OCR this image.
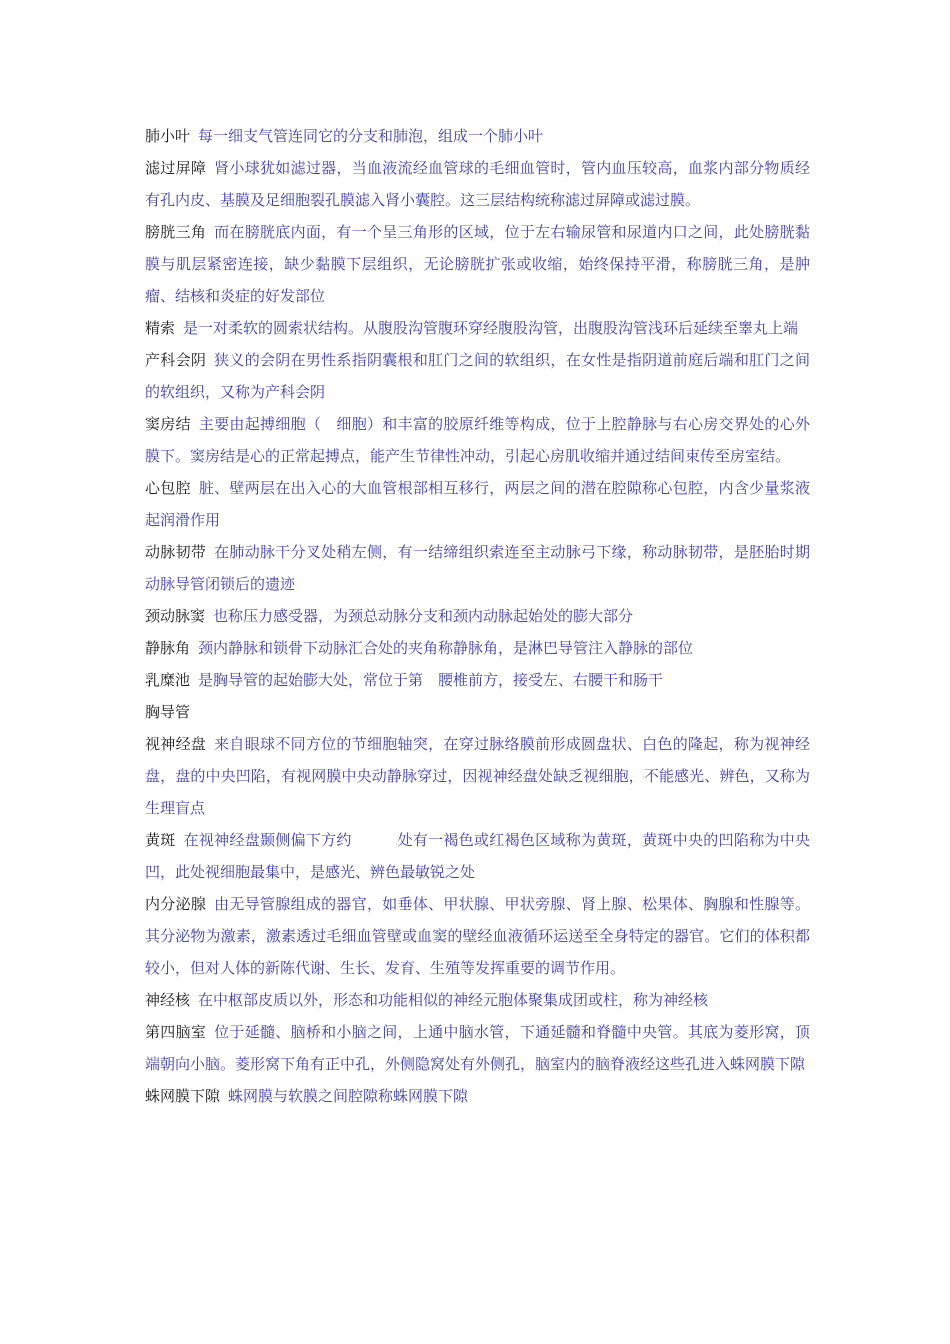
肺小叶 每一细支气管连同它的分支和肺泡，组成一个肺小叶

滤过屏障 肾小球犹如滤过器，当血液流经血管球的毛细血管时，管内血压较高，血浆内部分物质经有孔内皮、基膜及足细胞裂孔膜滤入肾小囊腔。这三层结构统称滤过屏障或滤过膜。

膀胱三角 而在膀胱底内面，有一个呈三角形的区域，位于左右输尿管和尿道内口之间，此处膀胱黏膜与肌层紧密连接，缺少黏膜下层组织，无论膀胱扩张或收缩，始终保持平滑，称膀胱三角，是肿瘤、结核和炎症的好发部位

精索 是一对柔软的圆索状结构。从腹股沟管腹环穿经腹股沟管，出腹股沟管浅环后延续至睾丸上端

产科会阴 狭义的会阴在男性系指阴囊根和肛门之间的软组织，在女性是指阴道前庭后端和肛门之间的软组织，又称为产科会阴

窦房结 主要由起搏细胞（　细胞）和丰富的胶原纤维等构成，位于上腔静脉与右心房交界处的心外膜下。窦房结是心的正常起搏点，能产生节律性冲动，引起心房肌收缩并通过结间束传至房室结。

心包腔 脏、壁两层在出入心的大血管根部相互移行，两层之间的潜在腔隙称心包腔，内含少量浆液起润滑作用

动脉韧带 在肺动脉干分叉处稍左侧，有一结缔组织索连至主动脉弓下缘，称动脉韧带，是胚胎时期动脉导管闭锁后的遗迹

颈动脉窦 也称压力感受器，为颈总动脉分支和颈内动脉起始处的膨大部分

静脉角 颈内静脉和锁骨下动脉汇合处的夹角称静脉角，是淋巴导管注入静脉的部位

乳糜池 是胸导管的起始膨大处，常位于第　腰椎前方，接受左、右腰干和肠干

胸导管

视神经盘 来自眼球不同方位的节细胞轴突，在穿过脉络膜前形成圆盘状、白色的隆起，称为视神经盘，盘的中央凹陷，有视网膜中央动静脉穿过，因视神经盘处缺乏视细胞，不能感光、辨色，又称为生理盲点

黄斑 在视神经盘颞侧偏下方约　　　处有一褐色或红褐色区域称为黄斑，黄斑中央的凹陷称为中央凹，此处视细胞最集中，是感光、辨色最敏锐之处

内分泌腺 由无导管腺组成的器官，如垂体、甲状腺、甲状旁腺、肾上腺、松果体、胸腺和性腺等。其分泌物为激素，激素透过毛细血管壁或血窦的壁经血液循环运送至全身特定的器官。它们的体积都较小，但对人体的新陈代谢、生长、发育、生殖等发挥重要的调节作用。

神经核 在中枢部皮质以外，形态和功能相似的神经元胞体聚集成团或柱，称为神经核

第四脑室 位于延髓、脑桥和小脑之间，上通中脑水管，下通延髓和脊髓中央管。其底为菱形窝，顶端朝向小脑。菱形窝下角有正中孔，外侧隐窝处有外侧孔，脑室内的脑脊液经这些孔进入蛛网膜下隙

蛛网膜下隙 蛛网膜与软膜之间腔隙称蛛网膜下隙
